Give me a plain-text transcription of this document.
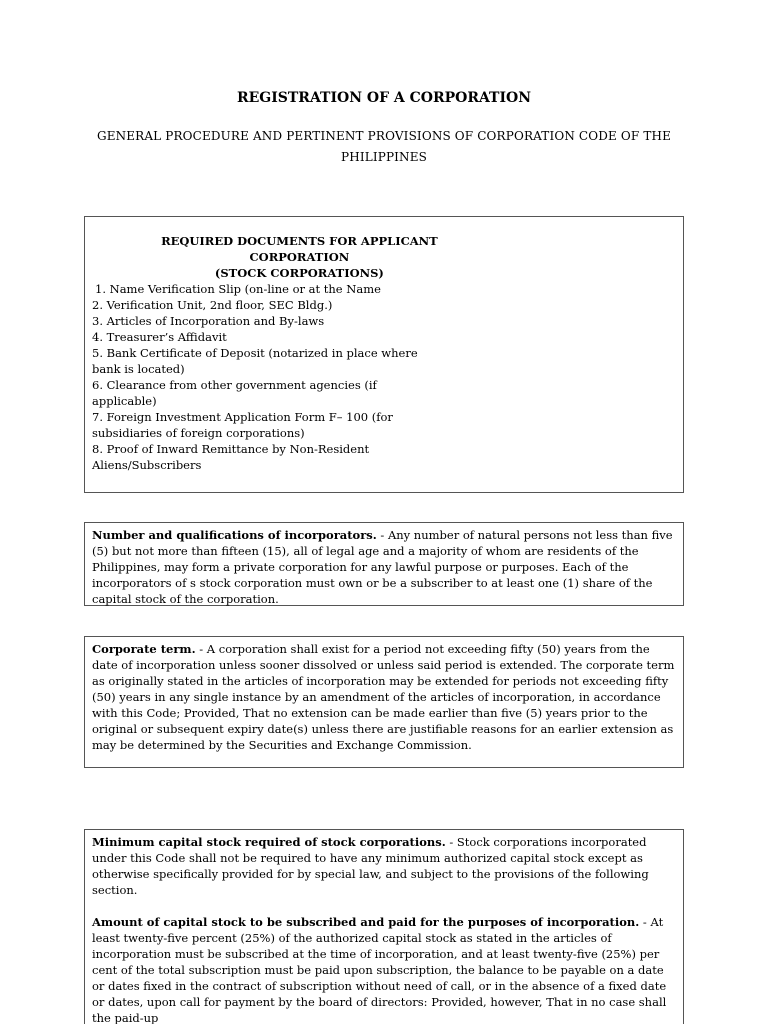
REGISTRATION OF A CORPORATION
GENERAL PROCEDURE AND PERTINENT PROVISIONS OF CORPORATION CODE OF THE PHILIPPINES
REQUIRED DOCUMENTS FOR APPLICANT
CORPORATION
(STOCK CORPORATIONS)
1. Name Verification Slip (on-line or at the Name
2. Verification Unit, 2nd floor, SEC Bldg.)
3. Articles of Incorporation and By-laws
4. Treasurer’s Affidavit
5. Bank Certificate of Deposit (notarized in place where bank is located)
6. Clearance from other government agencies (if applicable)
7. Foreign Investment Application Form F– 100 (for subsidiaries of foreign corporations)
8. Proof of Inward Remittance by Non-Resident Aliens/Subscribers
Number and qualifications of incorporators. - Any number of natural persons not less than five (5) but not more than fifteen (15), all of legal age and a majority of whom are residents of the Philippines, may form a private corporation for any lawful purpose or purposes. Each of the incorporators of s stock corporation must own or be a subscriber to at least one (1) share of the capital stock of the corporation.
Corporate term. - A corporation shall exist for a period not exceeding fifty (50) years from the date of incorporation unless sooner dissolved or unless said period is extended. The corporate term as originally stated in the articles of incorporation may be extended for periods not exceeding fifty (50) years in any single instance by an amendment of the articles of incorporation, in accordance with this Code; Provided, That no extension can be made earlier than five (5) years prior to the original or subsequent expiry date(s) unless there are justifiable reasons for an earlier extension as may be determined by the Securities and Exchange Commission.
Minimum capital stock required of stock corporations. - Stock corporations incorporated under this Code shall not be required to have any minimum authorized capital stock except as otherwise specifically provided for by special law, and subject to the provisions of the following section.
Amount of capital stock to be subscribed and paid for the purposes of incorporation. - At least twenty-five percent (25%) of the authorized capital stock as stated in the articles of incorporation must be subscribed at the time of incorporation, and at least twenty-five (25%) per cent of the total subscription must be paid upon subscription, the balance to be payable on a date or dates fixed in the contract of subscription without need of call, or in the absence of a fixed date or dates, upon call for payment by the board of directors: Provided, however, That in no case shall the paid-up
